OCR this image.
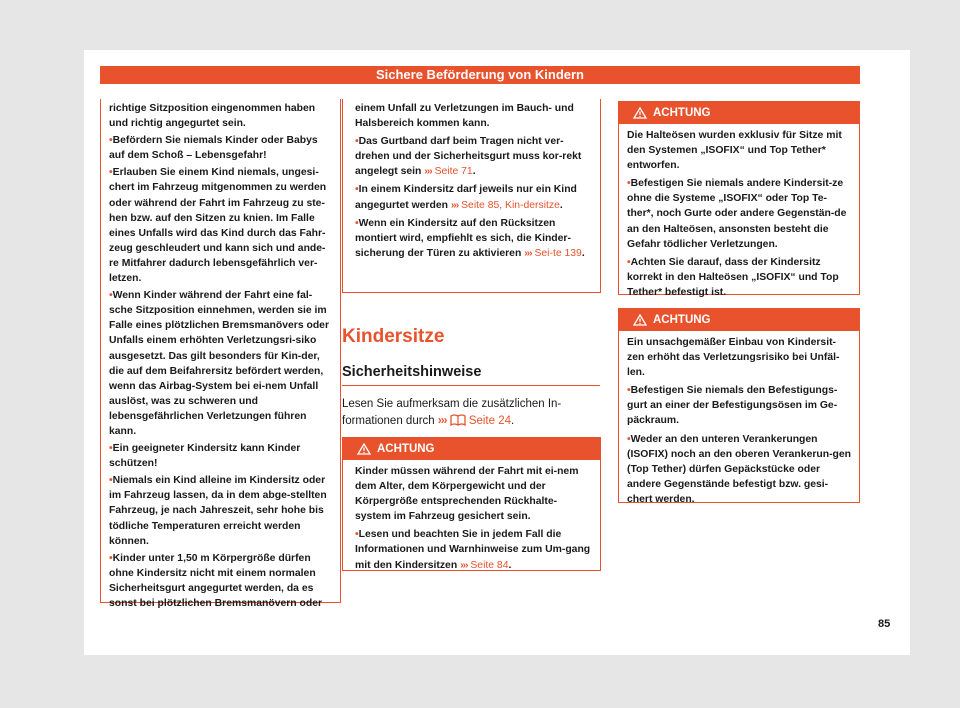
Sichere Beförderung von Kindern

richtige Sitzposition eingenommen haben und richtig angegurtet sein.

• Befördern Sie niemals Kinder oder Babys auf dem Schoß – Lebensgefahr!

• Erlauben Sie einem Kind niemals, ungesi-chert im Fahrzeug mitgenommen zu werden oder während der Fahrt im Fahrzeug zu ste-hen bzw. auf den Sitzen zu knien. Im Falle eines Unfalls wird das Kind durch das Fahr-zeug geschleudert und kann sich und ande-re Mitfahrer dadurch lebensgefährlich ver-letzen.

• Wenn Kinder während der Fahrt eine fal-sche Sitzposition einnehmen, werden sie im Falle eines plötzlichen Bremsmanövers oder Unfalls einem erhöhten Verletzungsri-siko ausgesetzt. Das gilt besonders für Kin-der, die auf dem Beifahrersitz befördert werden, wenn das Airbag-System bei ei-nem Unfall auslöst, was zu schweren und lebensgefährlichen Verletzungen führen kann.

• Ein geeigneter Kindersitz kann Kinder schützen!

• Niemals ein Kind alleine im Kindersitz oder im Fahrzeug lassen, da in dem abge-stellten Fahrzeug, je nach Jahreszeit, sehr hohe bis tödliche Temperaturen erreicht werden können.

• Kinder unter 1,50 m Körpergröße dürfen ohne Kindersitz nicht mit einem normalen Sicherheitsgurt angegurtet werden, da es sonst bei plötzlichen Bremsmanövern oder

einem Unfall zu Verletzungen im Bauch- und Halsbereich kommen kann.

• Das Gurtband darf beim Tragen nicht ver-drehen und der Sicherheitsgurt muss kor-rekt angelegt sein ››› Seite 71.

• In einem Kindersitz darf jeweils nur ein Kind angegurtet werden ››› Seite 85, Kin-dersitze.

• Wenn ein Kindersitz auf den Rücksitzen montiert wird, empfiehlt es sich, die Kinder-sicherung der Türen zu aktivieren ››› Sei-te 139.

Kindersitze
Sicherheitshinweise
Lesen Sie aufmerksam die zusätzlichen In-formationen durch ››› Seite 24.
ACHTUNG

Kinder müssen während der Fahrt mit ei-nem dem Alter, dem Körpergewicht und der Körpergröße entsprechenden Rückhalte-system im Fahrzeug gesichert sein.

• Lesen und beachten Sie in jedem Fall die Informationen und Warnhinweise zum Um-gang mit den Kindersitzen ››› Seite 84.

ACHTUNG

Die Halteösen wurden exklusiv für Sitze mit den Systemen „ISOFIX“ und Top Tether* entworfen.

• Befestigen Sie niemals andere Kindersit-ze ohne die Systeme „ISOFIX“ oder Top Te-ther*, noch Gurte oder andere Gegenstän-de an den Halteösen, ansonsten besteht die Gefahr tödlicher Verletzungen.

• Achten Sie darauf, dass der Kindersitz korrekt in den Halteösen „ISOFIX“ und Top Tether* befestigt ist.

ACHTUNG

Ein unsachgemäßer Einbau von Kindersit-zen erhöht das Verletzungsrisiko bei Unfäl-len.

• Befestigen Sie niemals den Befestigungs-gurt an einer der Befestigungsösen im Ge-päckraum.

• Weder an den unteren Verankerungen (ISOFIX) noch an den oberen Verankerun-gen (Top Tether) dürfen Gepäckstücke oder andere Gegenstände befestigt bzw. gesi-chert werden.

85
